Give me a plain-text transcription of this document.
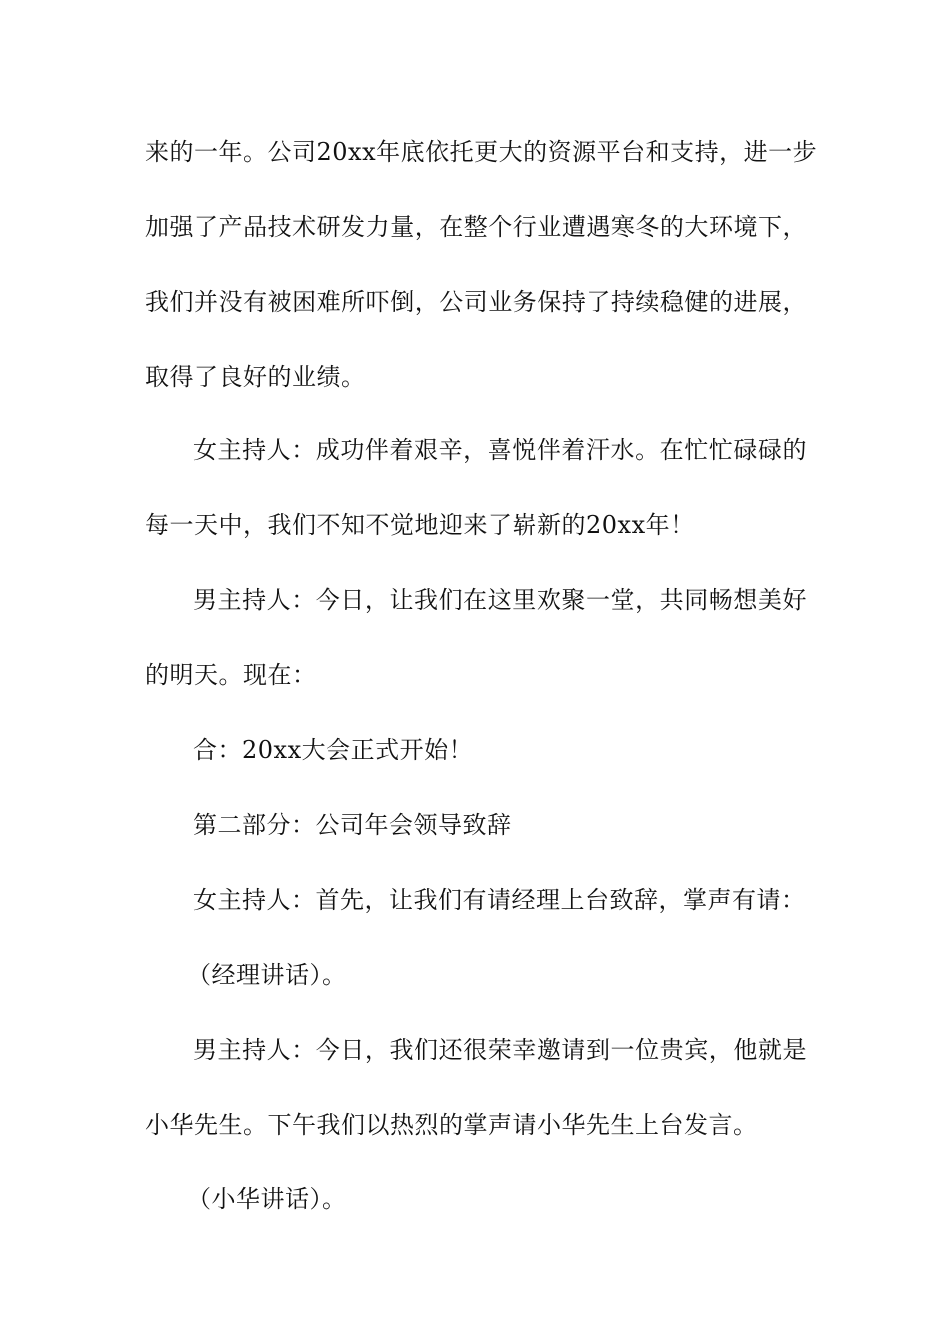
来的一年。公司20xx年底依托更大的资源平台和支持，进一步
加强了产品技术研发力量，在整个行业遭遇寒冬的大环境下，
我们并没有被困难所吓倒，公司业务保持了持续稳健的进展，
取得了良好的业绩。
女主持人：成功伴着艰辛，喜悦伴着汗水。在忙忙碌碌的
每一天中，我们不知不觉地迎来了崭新的20xx年！
男主持人：今日，让我们在这里欢聚一堂，共同畅想美好
的明天。现在：
合：20xx大会正式开始！
第二部分：公司年会领导致辞
女主持人：首先，让我们有请经理上台致辞，掌声有请：
（经理讲话）。
男主持人：今日，我们还很荣幸邀请到一位贵宾，他就是
小华先生。下午我们以热烈的掌声请小华先生上台发言。
（小华讲话）。
